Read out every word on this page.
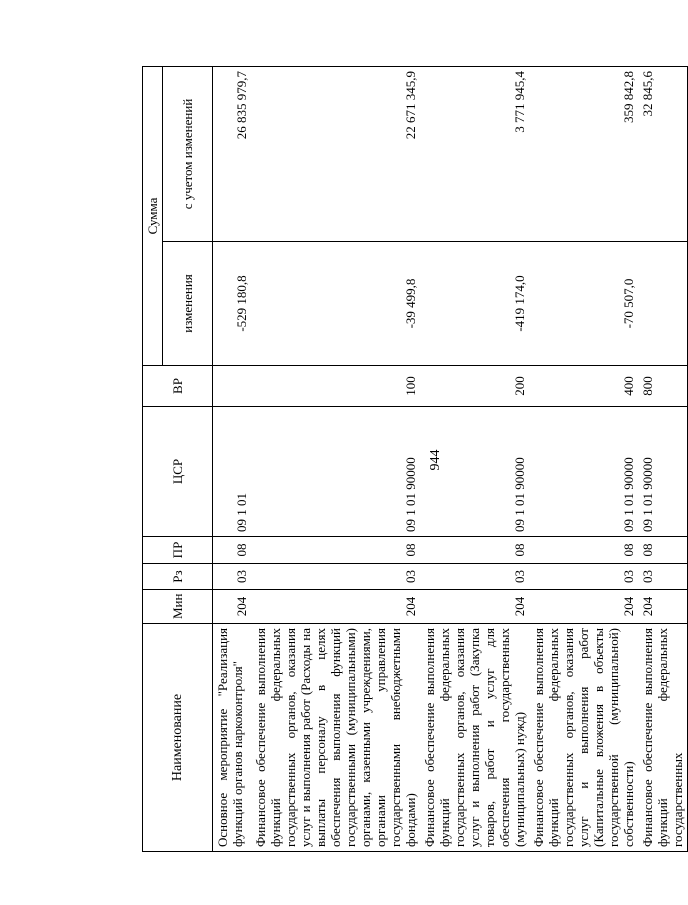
944
Наименование	Мин	Рз	ПР	ЦСР	ВР	Сумма	
						изменения	с учетом изменений
Основное мероприятие "Реализация функций органов наркоконтроля"	204	03	08	09 1 01		-529 180,8	26 835 979,7
Финансовое обеспечение выполнения функций федеральных государственных органов, оказания услуг и выполнения работ (Расходы на выплаты персоналу в целях обеспечения выполнения функций государственными (муниципальными) органами, казенными учреждениями, органами управления государственными внебюджетными фондами)	204	03	08	09 1 01 90000	100	-39 499,8	22 671 345,9
Финансовое обеспечение выполнения функций федеральных государственных органов, оказания услуг и выполнения работ (Закупка товаров, работ и услуг для обеспечения государственных (муниципальных) нужд)	204	03	08	09 1 01 90000	200	-419 174,0	3 771 945,4
Финансовое обеспечение выполнения функций федеральных государственных органов, оказания услуг и выполнения работ (Капитальные вложения в объекты государственной (муниципальной) собственности)	204	03	08	09 1 01 90000	400	-70 507,0	359 842,8
Финансовое обеспечение выполнения функций федеральных государственных	204	03	08	09 1 01 90000	800		32 845,6
